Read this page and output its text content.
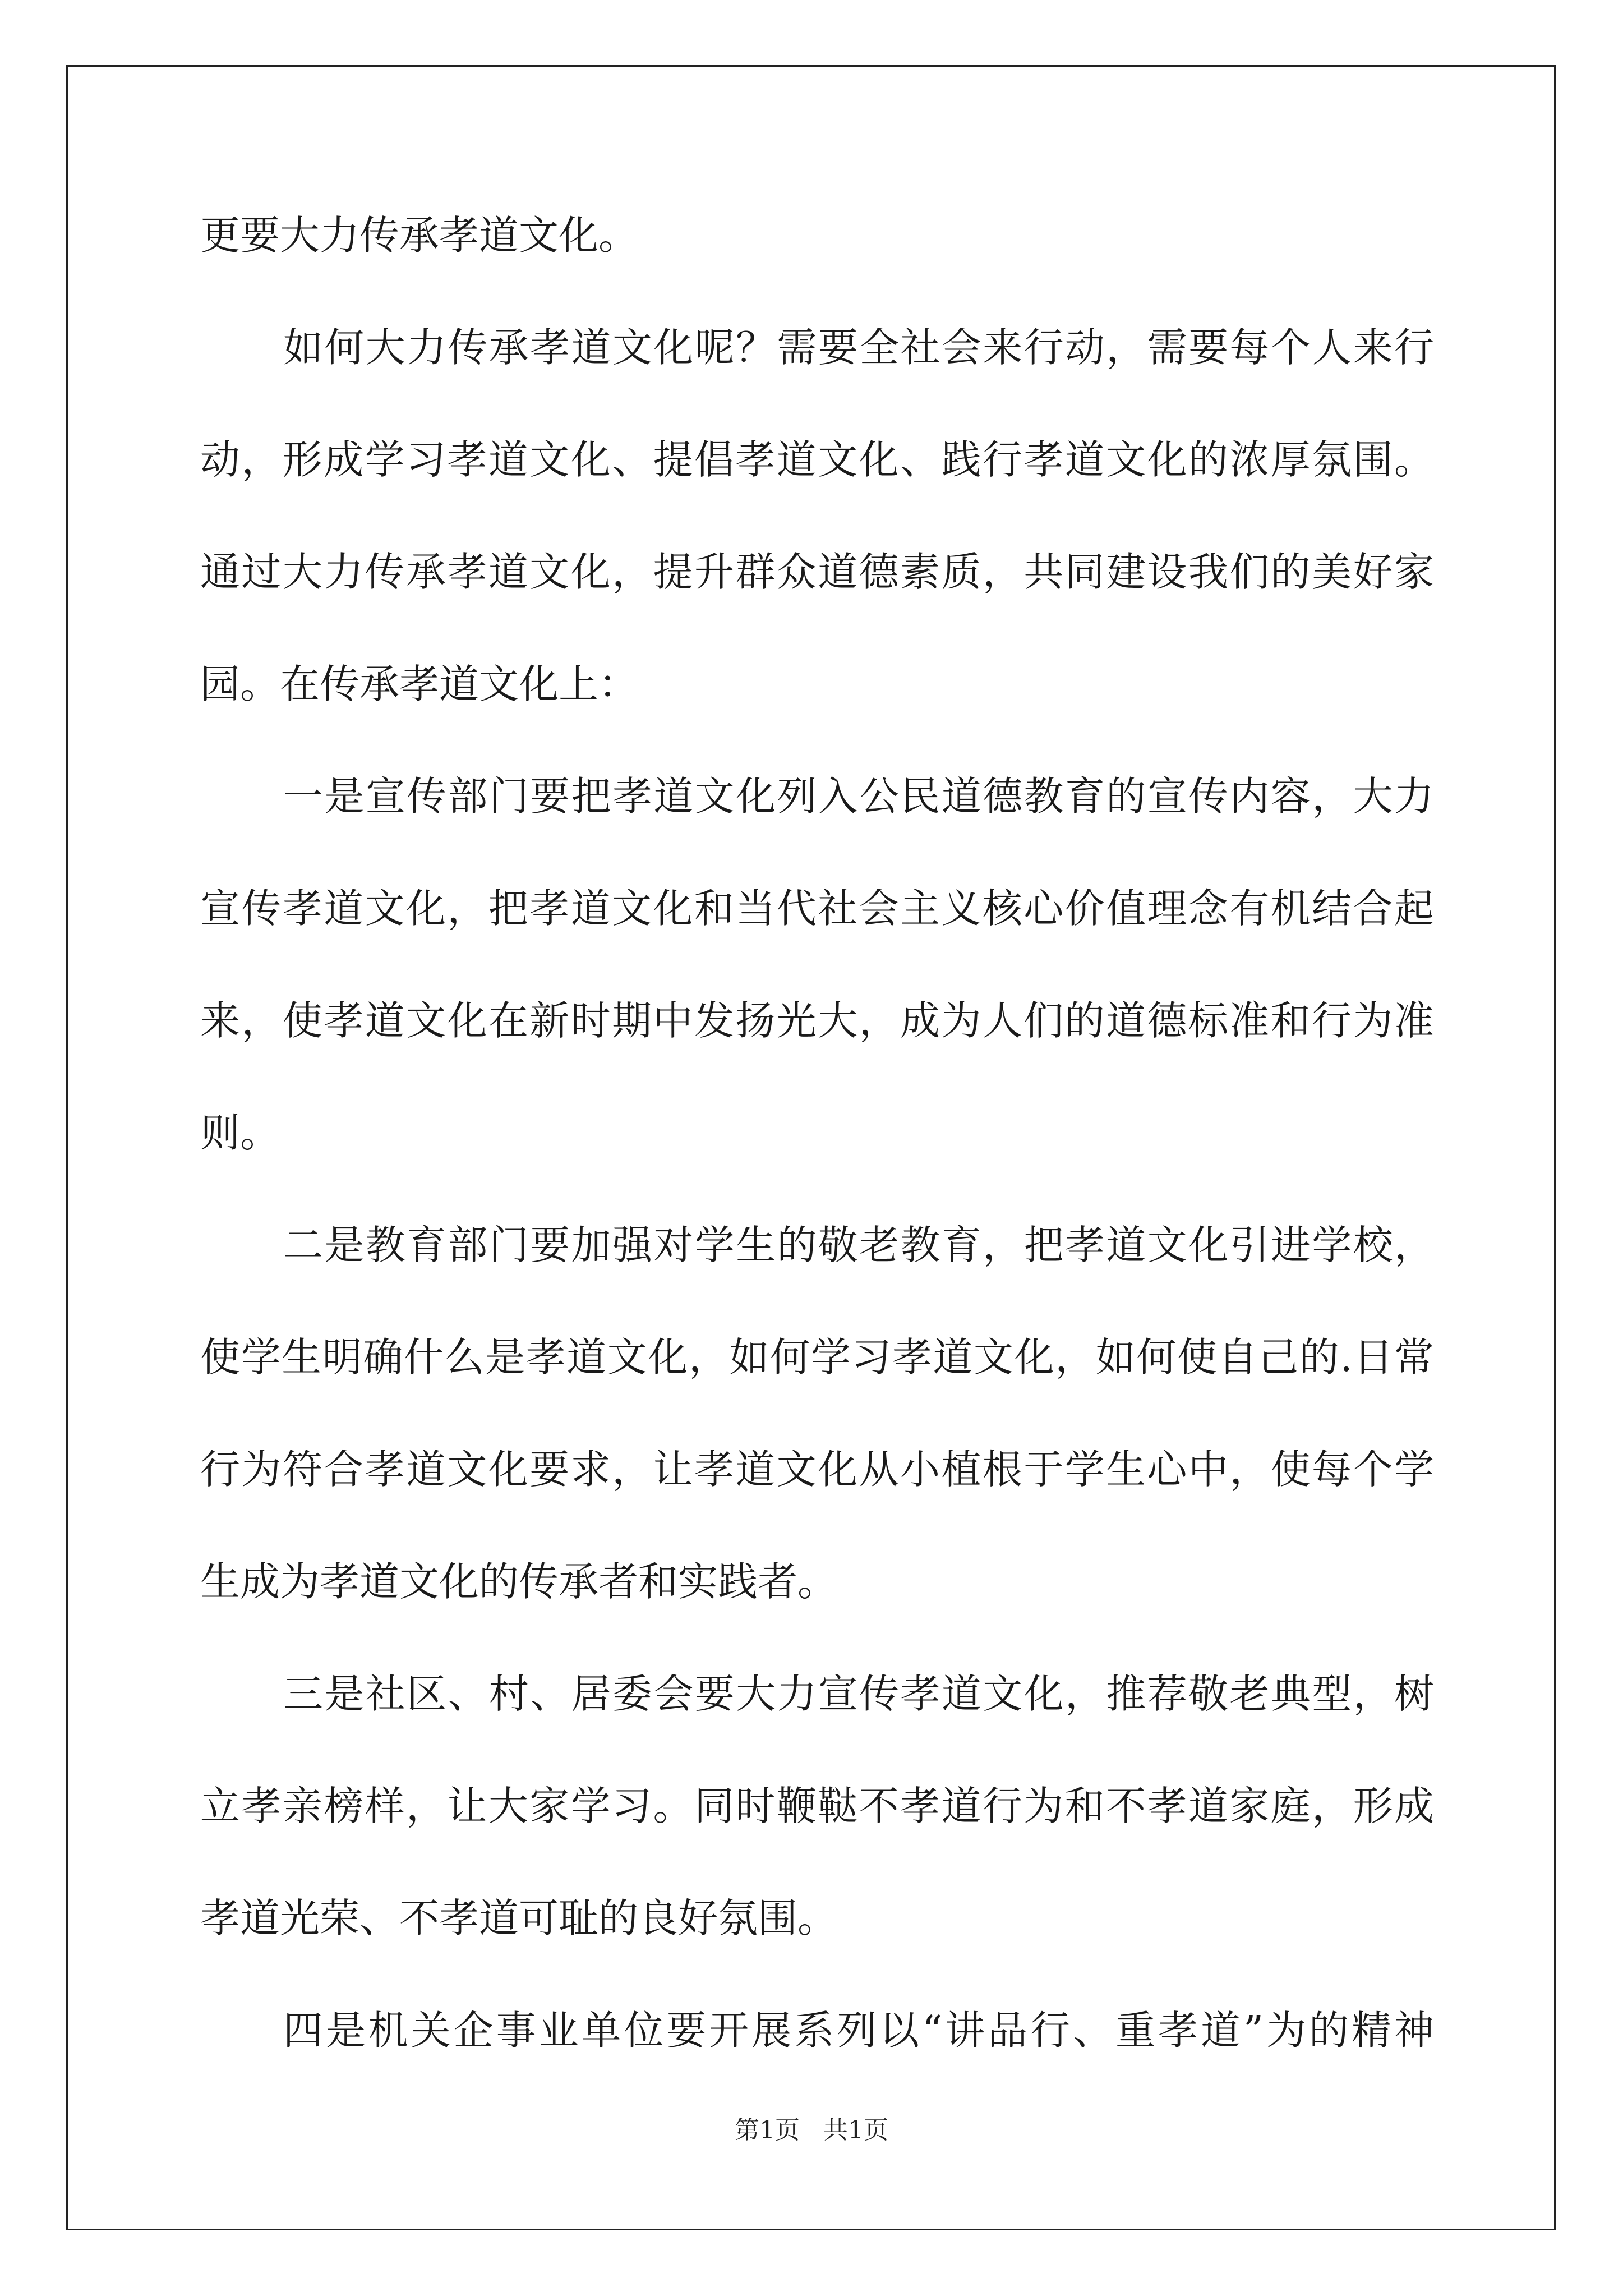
更要大力传承孝道文化。
如何大力传承孝道文化呢？需要全社会来行动，需要每个人来行
动，形成学习孝道文化、提倡孝道文化、践行孝道文化的浓厚氛围。
通过大力传承孝道文化，提升群众道德素质，共同建设我们的美好家
园。在传承孝道文化上：
一是宣传部门要把孝道文化列入公民道德教育的宣传内容，大力
宣传孝道文化，把孝道文化和当代社会主义核心价值理念有机结合起
来，使孝道文化在新时期中发扬光大，成为人们的道德标准和行为准
则。
二是教育部门要加强对学生的敬老教育，把孝道文化引进学校，
使学生明确什么是孝道文化，如何学习孝道文化，如何使自己的.日常
行为符合孝道文化要求，让孝道文化从小植根于学生心中，使每个学
生成为孝道文化的传承者和实践者。
三是社区、村、居委会要大力宣传孝道文化，推荐敬老典型，树
立孝亲榜样，让大家学习。同时鞭鞑不孝道行为和不孝道家庭，形成
孝道光荣、不孝道可耻的良好氛围。
四是机关企事业单位要开展系列以“讲品行、重孝道”为的精神
第1页 共1页
